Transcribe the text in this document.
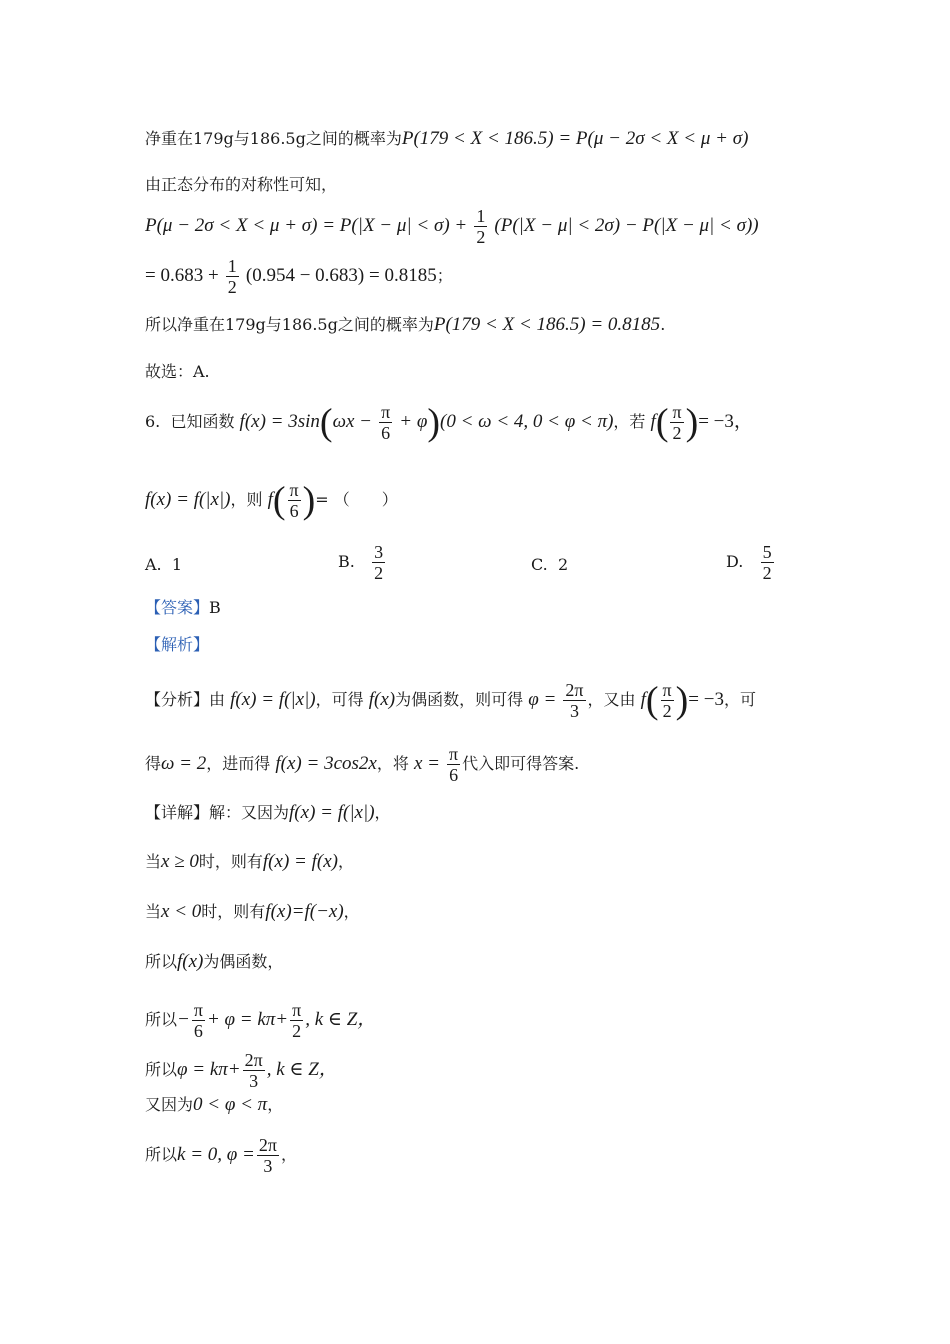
净重在179g与186.5g之间的概率为P(179 < X < 186.5) = P(μ − 2σ < X < μ + σ)
由正态分布的对称性可知，
$P(\mu - 2\sigma < X < \mu + \sigma) = P(|X - \mu| < \sigma) + \frac{1}{2} (P(|X - \mu| < 2\sigma) - P(|X - \mu| < \sigma))$
= $0.683 + \frac{1}{2} (0.954 - 0.683) = 0.8185$；
所以净重在179g与186.5g之间的概率为P(179 < X < 186.5) = 0.8185.
故选：A.
6. 已知函数 $f(x) = 3\sin(\omega x - \frac{\pi}{6} + \varphi)(0 < \omega < 4$, 0 < φ < π)，若 $f( \frac{\pi}{2}$ )= −3，
f(x) = f(|x|)，则 $f( \frac{\pi}{6}$ )= （　　）
A. 1	B. $\frac{3}{2}$	C. 2	D. $\frac{5}{2}$
【答案】B
【解析】
【分析】由 f(x) = f(|x|)，可得 f(x)为偶函数，则可得 $\varphi = \frac{2\pi}{3}$ ，又由 $f( \frac{\pi}{2}$ )= −3，可
得ω = 2，进而得 f(x) = 3cos2x，将 $x = \frac{\pi}{6}$ 代入即可得答案.
【详解】解：又因为f(x) = f(|x|)，
当x ≥ 0时，则有f(x) = f(x)，
当x < 0时，则有f(x)=f(−x)，
所以f(x)为偶函数，
所以− $\frac{\pi}{6} + \varphi = k\pi+ \frac{\pi}{2}$ , k ∈ Z，
所以$\varphi = k\pi+ \frac{2\pi}{3}$ , k ∈ Z，
又因为0 < φ < π，
所以k = 0, $\varphi = \frac{2\pi}{3}$ ，
